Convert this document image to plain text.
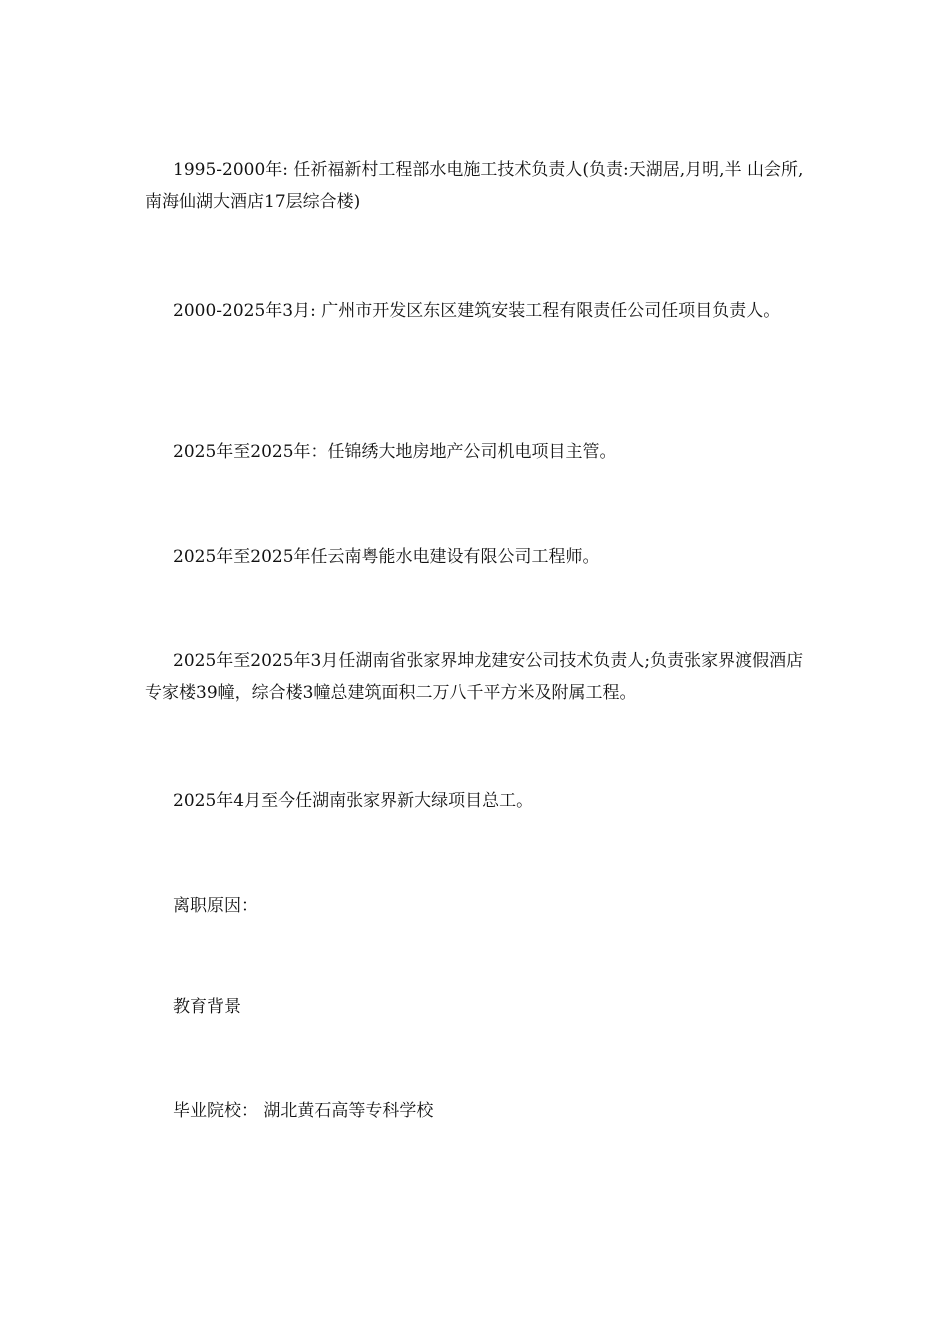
1995-2000年: 任祈福新村工程部水电施工技术负责人(负责:天湖居,月明,半 山会所,南海仙湖大酒店17层综合楼)

2000-2025年3月: 广州市开发区东区建筑安装工程有限责任公司任项目负责人。

2025年至2025年：任锦绣大地房地产公司机电项目主管。

2025年至2025年任云南粤能水电建设有限公司工程师。

2025年至2025年3月任湖南省张家界坤龙建安公司技术负责人;负责张家界渡假酒店专家楼39幢，综合楼3幢总建筑面积二万八千平方米及附属工程。

2025年4月至今任湖南张家界新大绿项目总工。

离职原因：

教育背景

毕业院校： 湖北黄石高等专科学校
